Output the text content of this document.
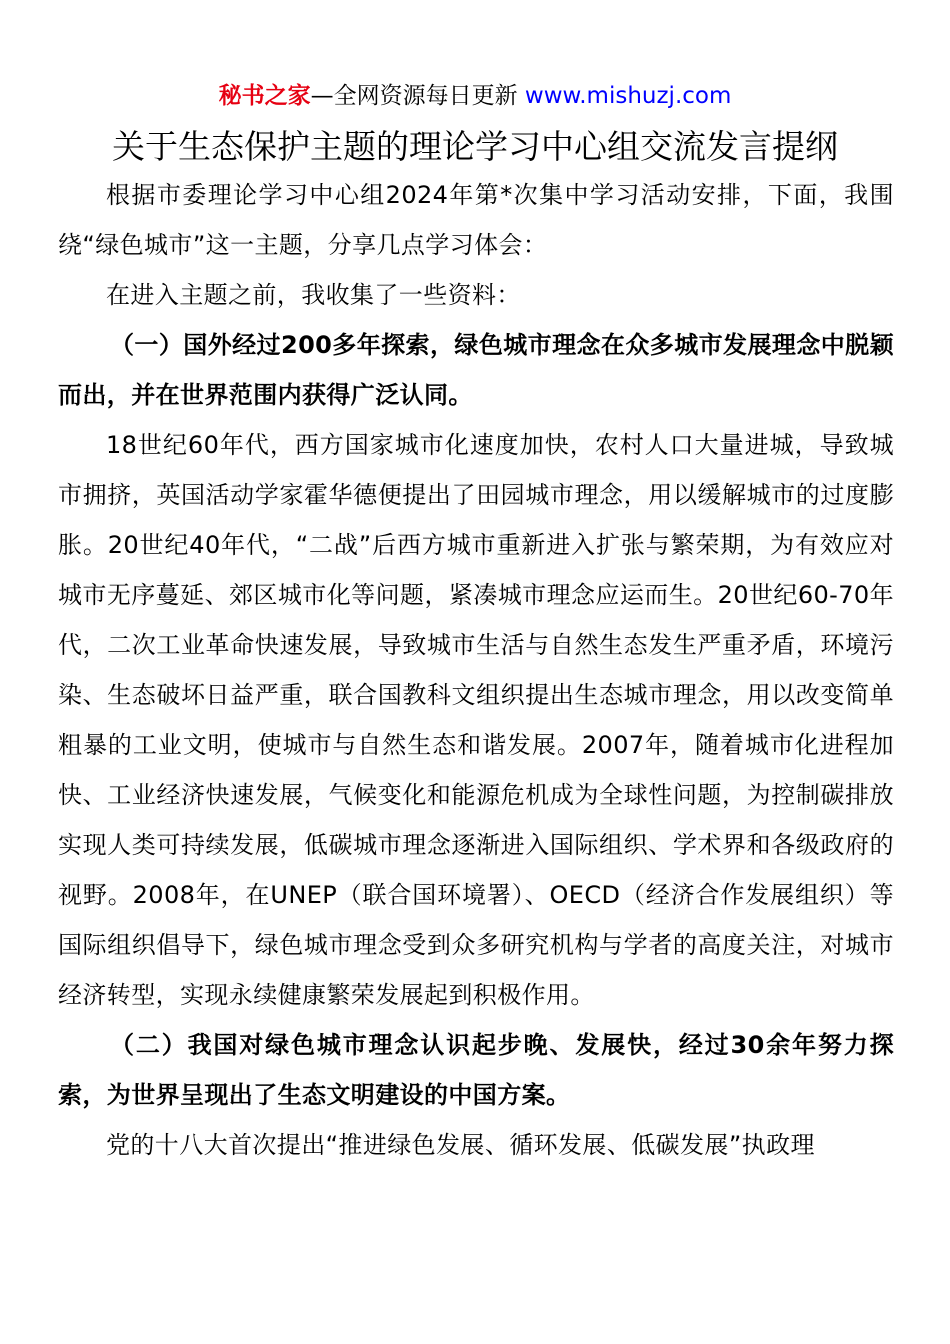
秘书之家—全网资源每日更新 www.mishuzj.com
关于生态保护主题的理论学习中心组交流发言提纲

根据市委理论学习中心组2024年第*次集中学习活动安排，下面，我围绕“绿色城市”这一主题，分享几点学习体会：

在进入主题之前，我收集了一些资料：

（一）国外经过200多年探索，绿色城市理念在众多城市发展理念中脱颖而出，并在世界范围内获得广泛认同。

18世纪60年代，西方国家城市化速度加快，农村人口大量进城，导致城市拥挤，英国活动学家霍华德便提出了田园城市理念，用以缓解城市的过度膨胀。20世纪40年代，“二战”后西方城市重新进入扩张与繁荣期，为有效应对城市无序蔓延、郊区城市化等问题，紧凑城市理念应运而生。20世纪60-70年代，二次工业革命快速发展，导致城市生活与自然生态发生严重矛盾，环境污染、生态破坏日益严重，联合国教科文组织提出生态城市理念，用以改变简单粗暴的工业文明，使城市与自然生态和谐发展。2007年，随着城市化进程加快、工业经济快速发展，气候变化和能源危机成为全球性问题，为控制碳排放实现人类可持续发展，低碳城市理念逐渐进入国际组织、学术界和各级政府的视野。2008年，在UNEP（联合国环境署）、OECD（经济合作发展组织）等国际组织倡导下，绿色城市理念受到众多研究机构与学者的高度关注，对城市经济转型，实现永续健康繁荣发展起到积极作用。

（二）我国对绿色城市理念认识起步晚、发展快，经过30余年努力探索，为世界呈现出了生态文明建设的中国方案。

党的十八大首次提出“推进绿色发展、循环发展、低碳发展”执政理
